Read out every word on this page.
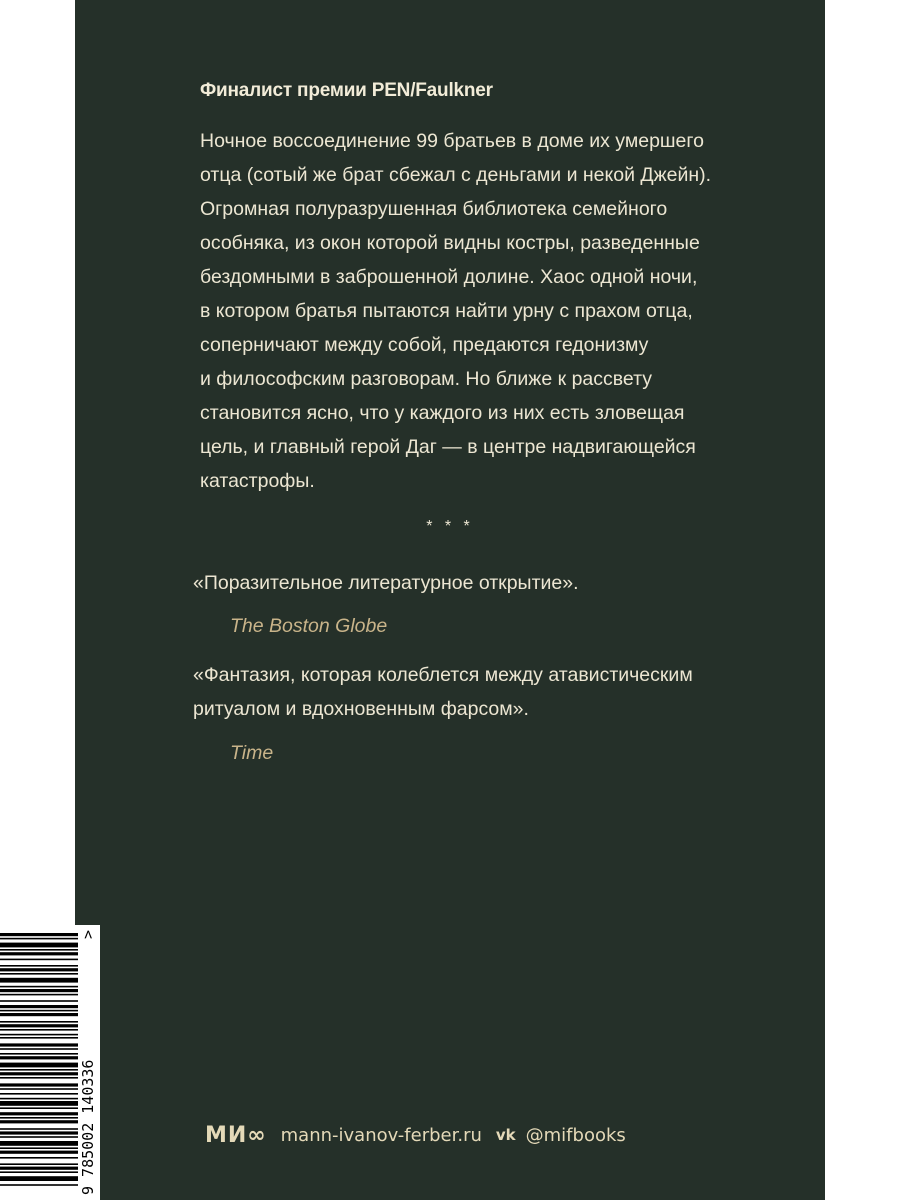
Финалист премии PEN/Faulkner

Ночное воссоединение 99 братьев в доме их умершего
отца (сотый же брат сбежал с деньгами и некой Джейн).
Огромная полуразрушенная библиотека семейного
особняка, из окон которой видны костры, разведенные
бездомными в заброшенной долине. Хаос одной ночи,
в котором братья пытаются найти урну с прахом отца,
соперничают между собой, предаются гедонизму
и философским разговорам. Но ближе к рассвету
становится ясно, что у каждого из них есть зловещая
цель, и главный герой Даг — в центре надвигающейся
катастрофы.

* * *
«Поразительное литературное открытие».
The Boston Globe
«Фантазия, которая колеблется между атавистическим
ритуалом и вдохновенным фарсом».
Time
МИ∞ mann-ivanov-ferber.ru vk @mifbooks
9 785002 140336
>
